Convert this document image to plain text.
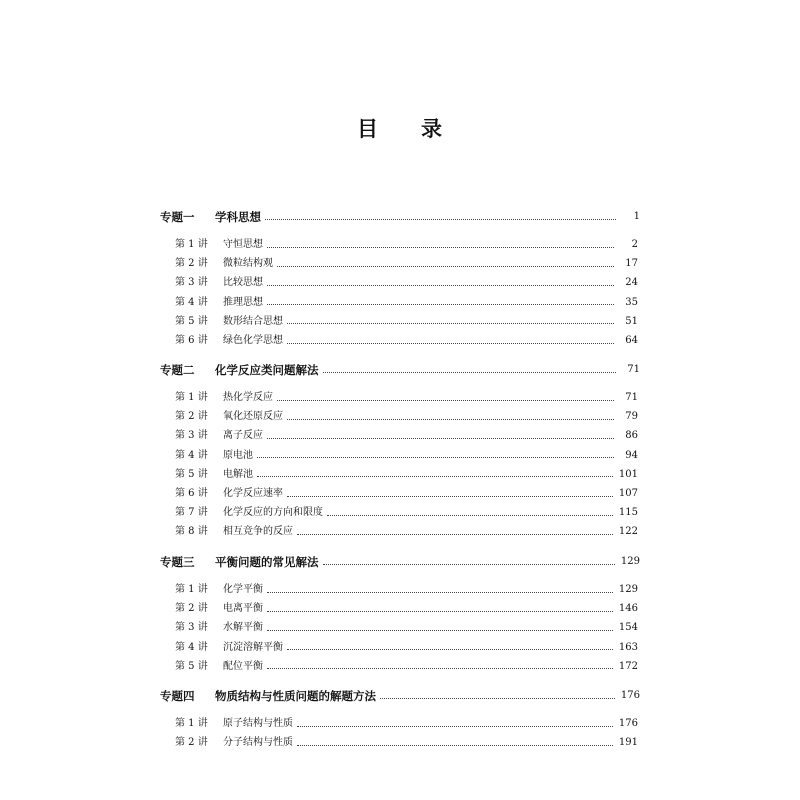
目 录
专题一	学科思想	1
第 1 讲	守恒思想	2
第 2 讲	微粒结构观	17
第 3 讲	比较思想	24
第 4 讲	推理思想	35
第 5 讲	数形结合思想	51
第 6 讲	绿色化学思想	64
专题二	化学反应类问题解法	71
第 1 讲	热化学反应	71
第 2 讲	氧化还原反应	79
第 3 讲	离子反应	86
第 4 讲	原电池	94
第 5 讲	电解池	101
第 6 讲	化学反应速率	107
第 7 讲	化学反应的方向和限度	115
第 8 讲	相互竞争的反应	122
专题三	平衡问题的常见解法	129
第 1 讲	化学平衡	129
第 2 讲	电离平衡	146
第 3 讲	水解平衡	154
第 4 讲	沉淀溶解平衡	163
第 5 讲	配位平衡	172
专题四	物质结构与性质问题的解题方法	176
第 1 讲	原子结构与性质	176
第 2 讲	分子结构与性质	191
